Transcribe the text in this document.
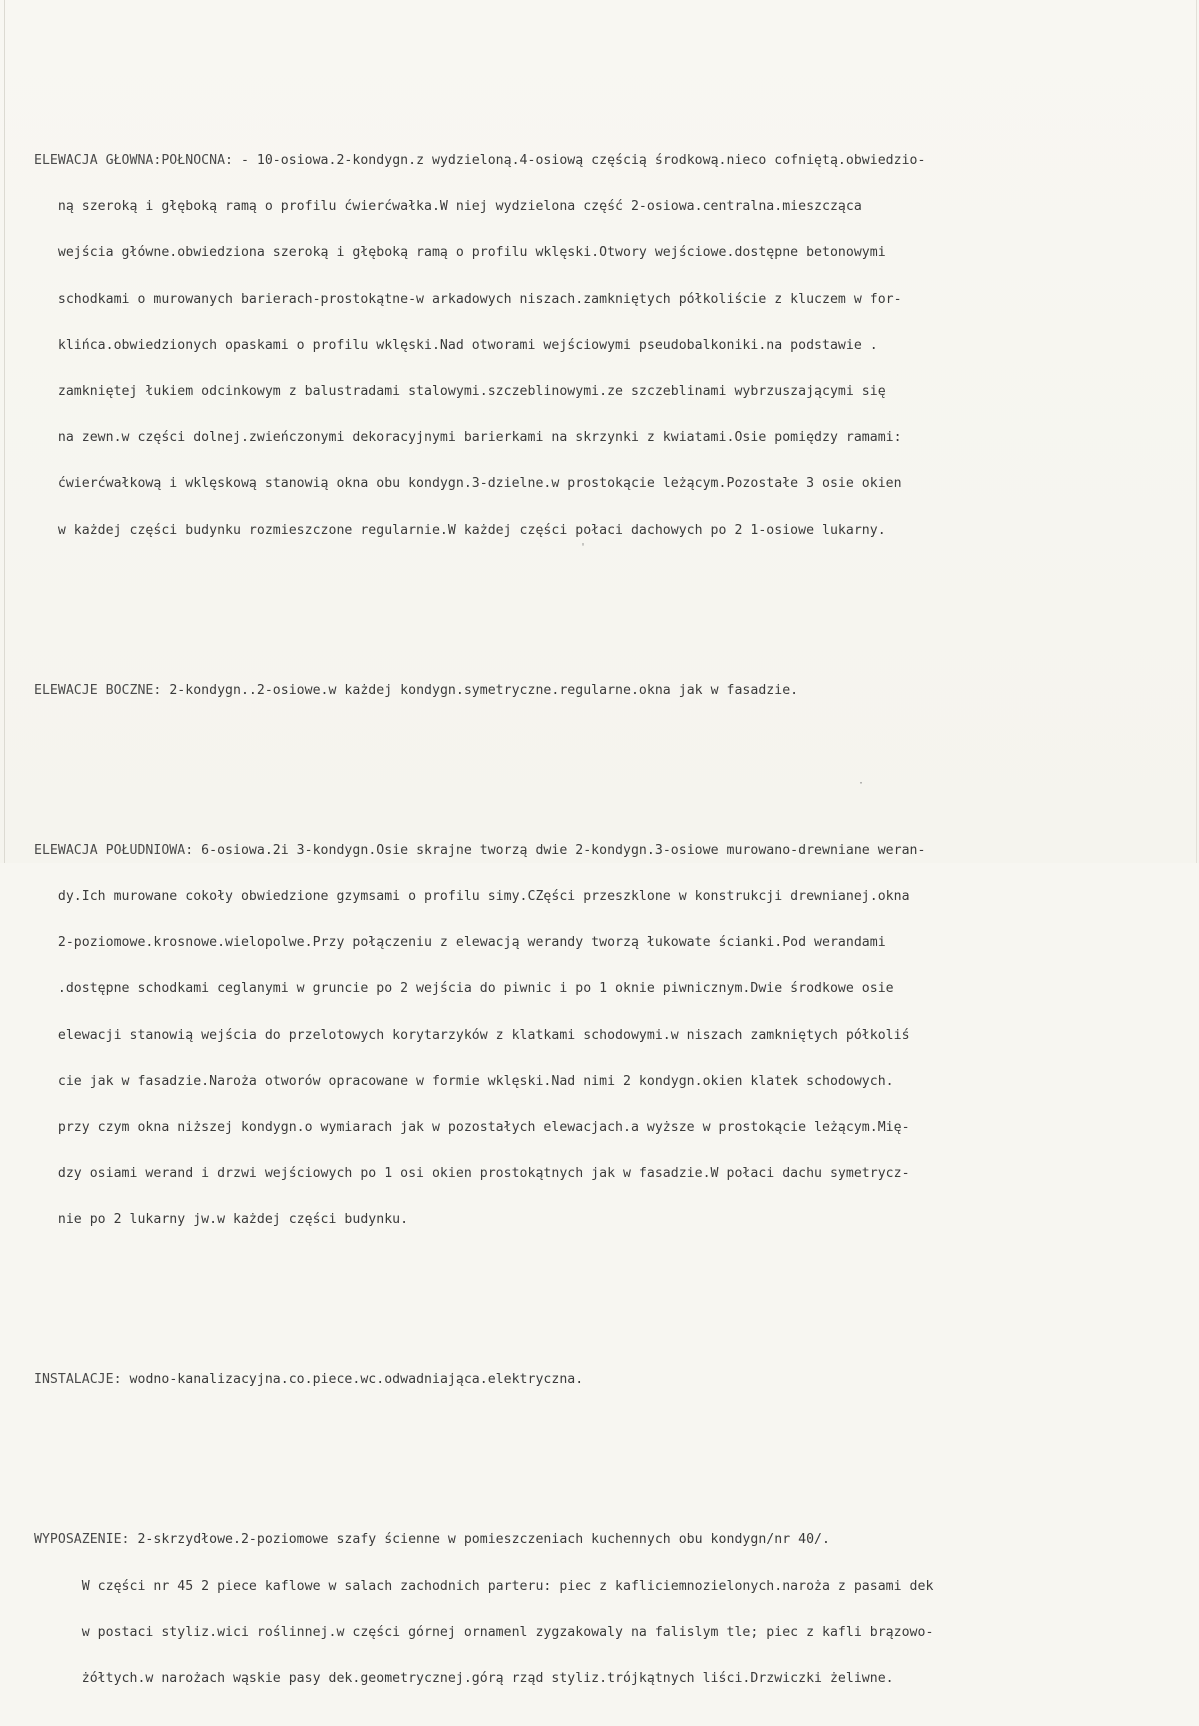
ELEWACJA GŁÓWNA:PÓŁNOCNA: - 10-osiowa.2-kondygn.z wydzieloną.4-osiową częścią środkową.nieco cofniętą.obwiedzio-

ną szeroką i głęboką ramą o profilu ćwierćwałka.W niej wydzielona część 2-osiowa.centralna.mieszcząca

wejścia główne.obwiedziona szeroką i głęboką ramą o profilu wklęski.Otwory wejściowe.dostępne betonowymi

schodkami o murowanych barierach-prostokątne-w arkadowych niszach.zamkniętych półkoliście z kluczem w for-

klińca.obwiedzionych opaskami o profilu wklęski.Nad otworami wejściowymi pseudobalkoniki.na podstawie .

zamkniętej łukiem odcinkowym z balustradami stalowymi.szczeblinowymi.ze szczeblinami wybrzuszającymi się

na zewn.w części dolnej.zwieńczonymi dekoracyjnymi barierkami na skrzynki z kwiatami.Osie pomiędzy ramami:

ćwierćwałkową i wklęskową stanowią okna obu kondygn.3-dzielne.w prostokącie leżącym.Pozostałe 3 osie okien

w każdej części budynku rozmieszczone regularnie.W każdej części połaci dachowych po 2 1-osiowe lukarny.

ELEWACJE BOCZNE: 2-kondygn..2-osiowe.w każdej kondygn.symetryczne.regularne.okna jak w fasadzie.

ELEWACJA POŁUDNIOWA: 6-osiowa.2i 3-kondygn.Osie skrajne tworzą dwie 2-kondygn.3-osiowe murowano-drewniane weran-

dy.Ich murowane cokoły obwiedzione gzymsami o profilu simy.CZęści przeszklone w konstrukcji drewnianej.okna

2-poziomowe.krosnowe.wielopolwe.Przy połączeniu z elewacją werandy tworzą łukowate ścianki.Pod werandami

.dostępne schodkami ceglanymi w gruncie po 2 wejścia do piwnic i po 1 oknie piwnicznym.Dwie środkowe osie

elewacji stanowią wejścia do przelotowych korytarzyków z klatkami schodowymi.w niszach zamkniętych półkoliś

cie jak w fasadzie.Naroża otworów opracowane w formie wklęski.Nad nimi 2 kondygn.okien klatek schodowych.

przy czym okna niższej kondygn.o wymiarach jak w pozostałych elewacjach.a wyższe w prostokącie leżącym.Mię-

dzy osiami werand i drzwi wejściowych po 1 osi okien prostokątnych jak w fasadzie.W połaci dachu symetrycz-

nie po 2 lukarny jw.w każdej części budynku.

INSTALACJE: wodno-kanalizacyjna.co.piece.wc.odwadniająca.elektryczna.

WYPOSAŻENIE: 2-skrzydłowe.2-poziomowe szafy ścienne w pomieszczeniach kuchennych obu kondygn/nr 40/.

W części nr 45 2 piece kaflowe w salach zachodnich parteru: piec z kafliciemnozielonych.naroża z pasami dek

w postaci styliz.wici roślinnej.w części górnej ornamenl zygzakowaly na falislym tle; piec z kafli brązowo-

żółtych.w narożach wąskie pasy dek.geometrycznej.górą rząd styliz.trójkątnych liści.Drzwiczki żeliwne.

'
·
